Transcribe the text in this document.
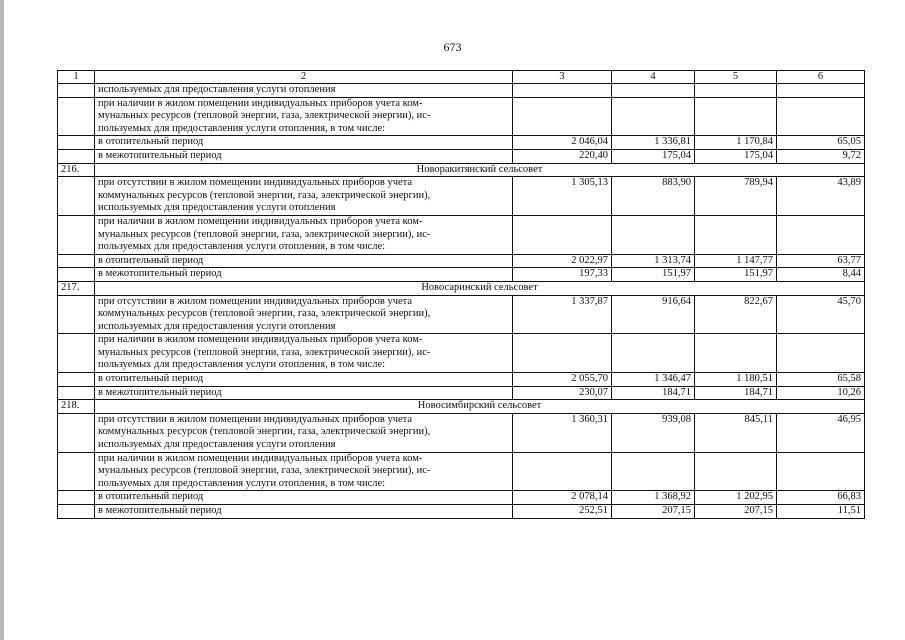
673
1	2	3	4	5	6
	используемых для предоставления услуги отопления				

	при наличии в жилом помещении индивидуальных приборов учета ком-
мунальных ресурсов (тепловой энергии, газа, электрической энергии), ис-
пользуемых для предоставления услуги отопления, в том числе:				

	в отопительный период	2 046,04	1 336,81	1 170,84	65,05
	в межотопительный период	220,40	175,04	175,04	9,72
216.	Новоракитянский сельсовет				

	при отсутствии в жилом помещении индивидуальных приборов учета
коммунальных ресурсов (тепловой энергии, газа, электрической энергии),
используемых для предоставления услуги отопления	1 305,13	883,90	789,94	43,89

	при наличии в жилом помещении индивидуальных приборов учета ком-
мунальных ресурсов (тепловой энергии, газа, электрической энергии), ис-
пользуемых для предоставления услуги отопления, в том числе:				

	в отопительный период	2 022,97	1 313,74	1 147,77	63,77
	в межотопительный период	197,33	151,97	151,97	8,44
217.	Новосаринский сельсовет				

	при отсутствии в жилом помещении индивидуальных приборов учета
коммунальных ресурсов (тепловой энергии, газа, электрической энергии),
используемых для предоставления услуги отопления	1 337,87	916,64	822,67	45,70

	при наличии в жилом помещении индивидуальных приборов учета ком-
мунальных ресурсов (тепловой энергии, газа, электрической энергии), ис-
пользуемых для предоставления услуги отопления, в том числе:				

	в отопительный период	2 055,70	1 346,47	1 180,51	65,58
	в межотопительный период	230,07	184,71	184,71	10,26
218.	Новосимбирский сельсовет				

	при отсутствии в жилом помещении индивидуальных приборов учета
коммунальных ресурсов (тепловой энергии, газа, электрической энергии),
используемых для предоставления услуги отопления	1 360,31	939,08	845,11	46,95

	при наличии в жилом помещении индивидуальных приборов учета ком-
мунальных ресурсов (тепловой энергии, газа, электрической энергии), ис-
пользуемых для предоставления услуги отопления, в том числе:				

	в отопительный период	2 078,14	1 368,92	1 202,95	66,83
	в межотопительный период	252,51	207,15	207,15	11,51
